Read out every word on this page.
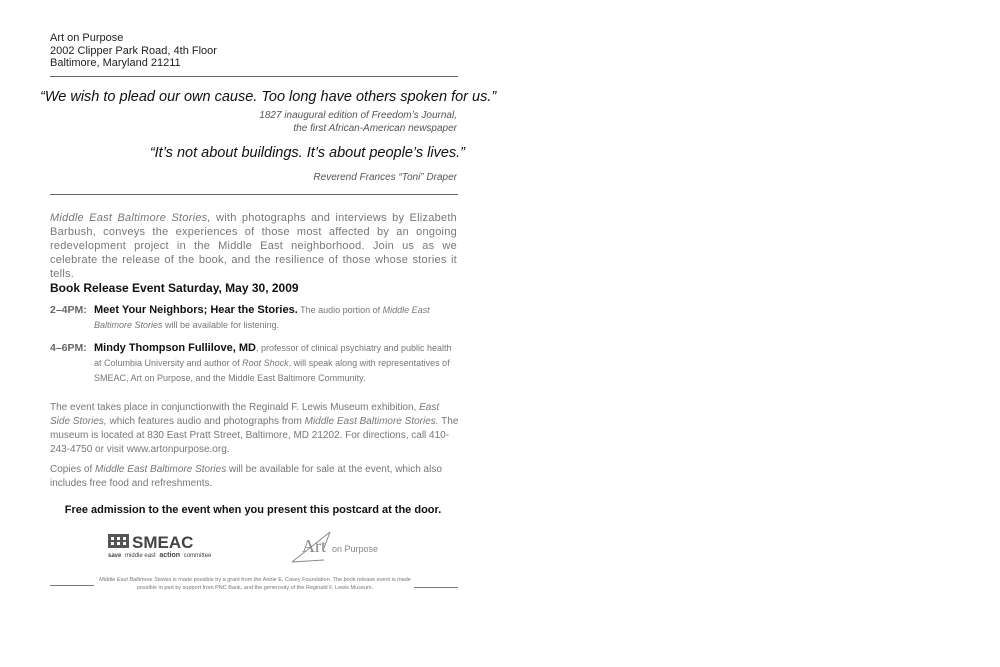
Art on Purpose
2002 Clipper Park Road, 4th Floor
Baltimore, Maryland 21211
“We wish to plead our own cause. Too long have others spoken for us.”
1827 inaugural edition of Freedom’s Journal,
the first African-American newspaper
“It’s not about buildings. It’s about people’s lives.”
Reverend Frances “Toni” Draper
Middle East Baltimore Stories, with photographs and interviews by Elizabeth Barbush, conveys the experiences of those most affected by an ongoing redevelopment project in the Middle East neighborhood. Join us as we celebrate the release of the book, and the resilience of those whose stories it tells.
Book Release Event Saturday, May 30, 2009
2–4PM: Meet Your Neighbors; Hear the Stories. The audio portion of Middle East Baltimore Stories will be available for listening.
4–6PM: Mindy Thompson Fullilove, MD, professor of clinical psychiatry and public health at Columbia University and author of Root Shock, will speak along with representatives of SMEAC, Art on Purpose, and the Middle East Baltimore Community.
The event takes place in conjunctionwith the Reginald F. Lewis Museum exhibition, East Side Stories, which features audio and photographs from Middle East Baltimore Stories. The museum is located at 830 East Pratt Street, Baltimore, MD 21202. For directions, call 410-243-4750 or visit www.artonpurpose.org.
Copies of Middle East Baltimore Stories will be available for sale at the event, which also includes free food and refreshments.
Free admission to the event when you present this postcard at the door.
SMEAC
save middle east action committee	Art on Purpose
Middle East Baltimore Stories is made possible by a grant from the Annie E. Casey Foundation. The book release event is made possible in part by support from PNC Bank, and the generosity of the Reginald F. Lewis Museum.
